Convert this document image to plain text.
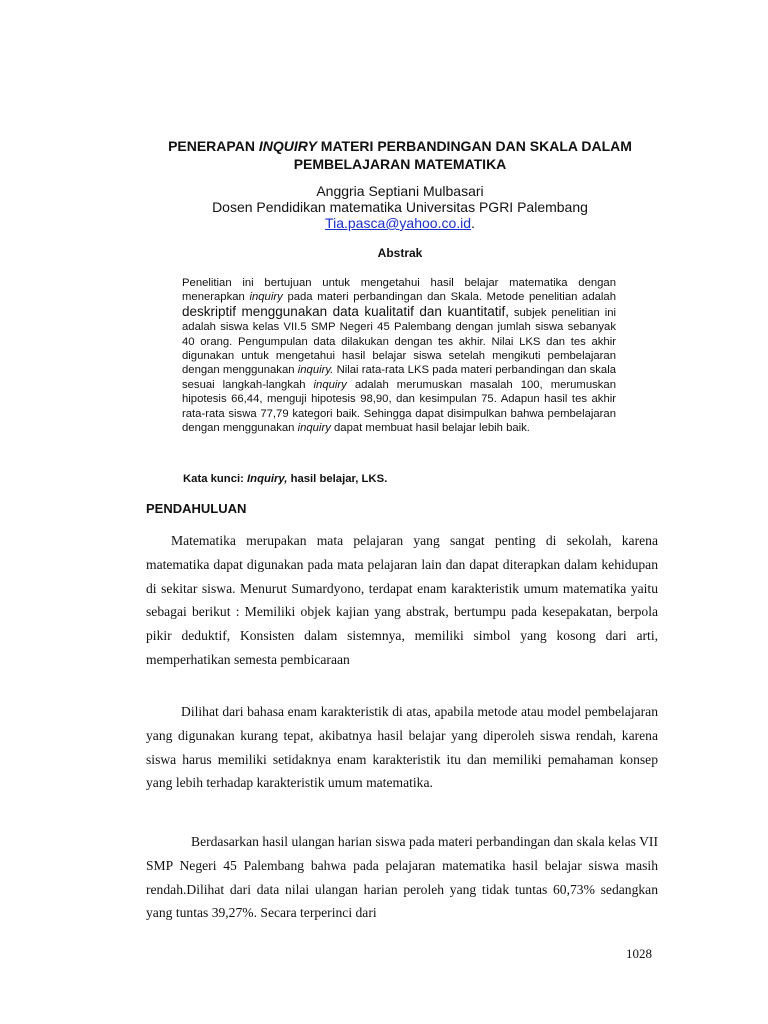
PENERAPAN INQUIRY MATERI PERBANDINGAN DAN SKALA DALAM
PEMBELAJARAN MATEMATIKA
Anggria Septiani Mulbasari
Dosen Pendidikan matematika Universitas PGRI Palembang
Tia.pasca@yahoo.co.id.
Abstrak
Penelitian ini bertujuan untuk mengetahui hasil belajar matematika dengan menerapkan inquiry pada materi perbandingan dan Skala. Metode penelitian adalah deskriptif menggunakan data kualitatif dan kuantitatif, subjek penelitian ini adalah siswa kelas VII.5 SMP Negeri 45 Palembang dengan jumlah siswa sebanyak 40 orang. Pengumpulan data dilakukan dengan tes akhir. Nilai LKS dan tes akhir digunakan untuk mengetahui hasil belajar siswa setelah mengikuti pembelajaran dengan menggunakan inquiry. Nilai rata-rata LKS pada materi perbandingan dan skala sesuai langkah-langkah inquiry adalah merumuskan masalah 100, merumuskan hipotesis 66,44, menguji hipotesis 98,90, dan kesimpulan 75. Adapun hasil tes akhir rata-rata siswa 77,79 kategori baik. Sehingga dapat disimpulkan bahwa pembelajaran dengan menggunakan inquiry dapat membuat hasil belajar lebih baik.
Kata kunci: Inquiry, hasil belajar, LKS.
PENDAHULUAN
Matematika merupakan mata pelajaran yang sangat penting di sekolah, karena matematika dapat digunakan pada mata pelajaran lain dan dapat diterapkan dalam kehidupan di sekitar siswa. Menurut Sumardyono, terdapat enam karakteristik umum matematika yaitu sebagai berikut : Memiliki objek kajian yang abstrak, bertumpu pada kesepakatan, berpola pikir deduktif, Konsisten dalam sistemnya, memiliki simbol yang kosong dari arti, memperhatikan semesta pembicaraan
Dilihat dari bahasa enam karakteristik di atas, apabila metode atau model pembelajaran yang digunakan kurang tepat, akibatnya hasil belajar yang diperoleh siswa rendah, karena siswa harus memiliki setidaknya enam karakteristik itu dan memiliki pemahaman konsep yang lebih terhadap karakteristik umum matematika.
Berdasarkan hasil ulangan harian siswa pada materi perbandingan dan skala kelas VII SMP Negeri 45 Palembang bahwa pada pelajaran matematika hasil belajar siswa masih rendah.Dilihat dari data nilai ulangan harian peroleh yang tidak tuntas 60,73% sedangkan yang tuntas 39,27%. Secara terperinci dari
1028
